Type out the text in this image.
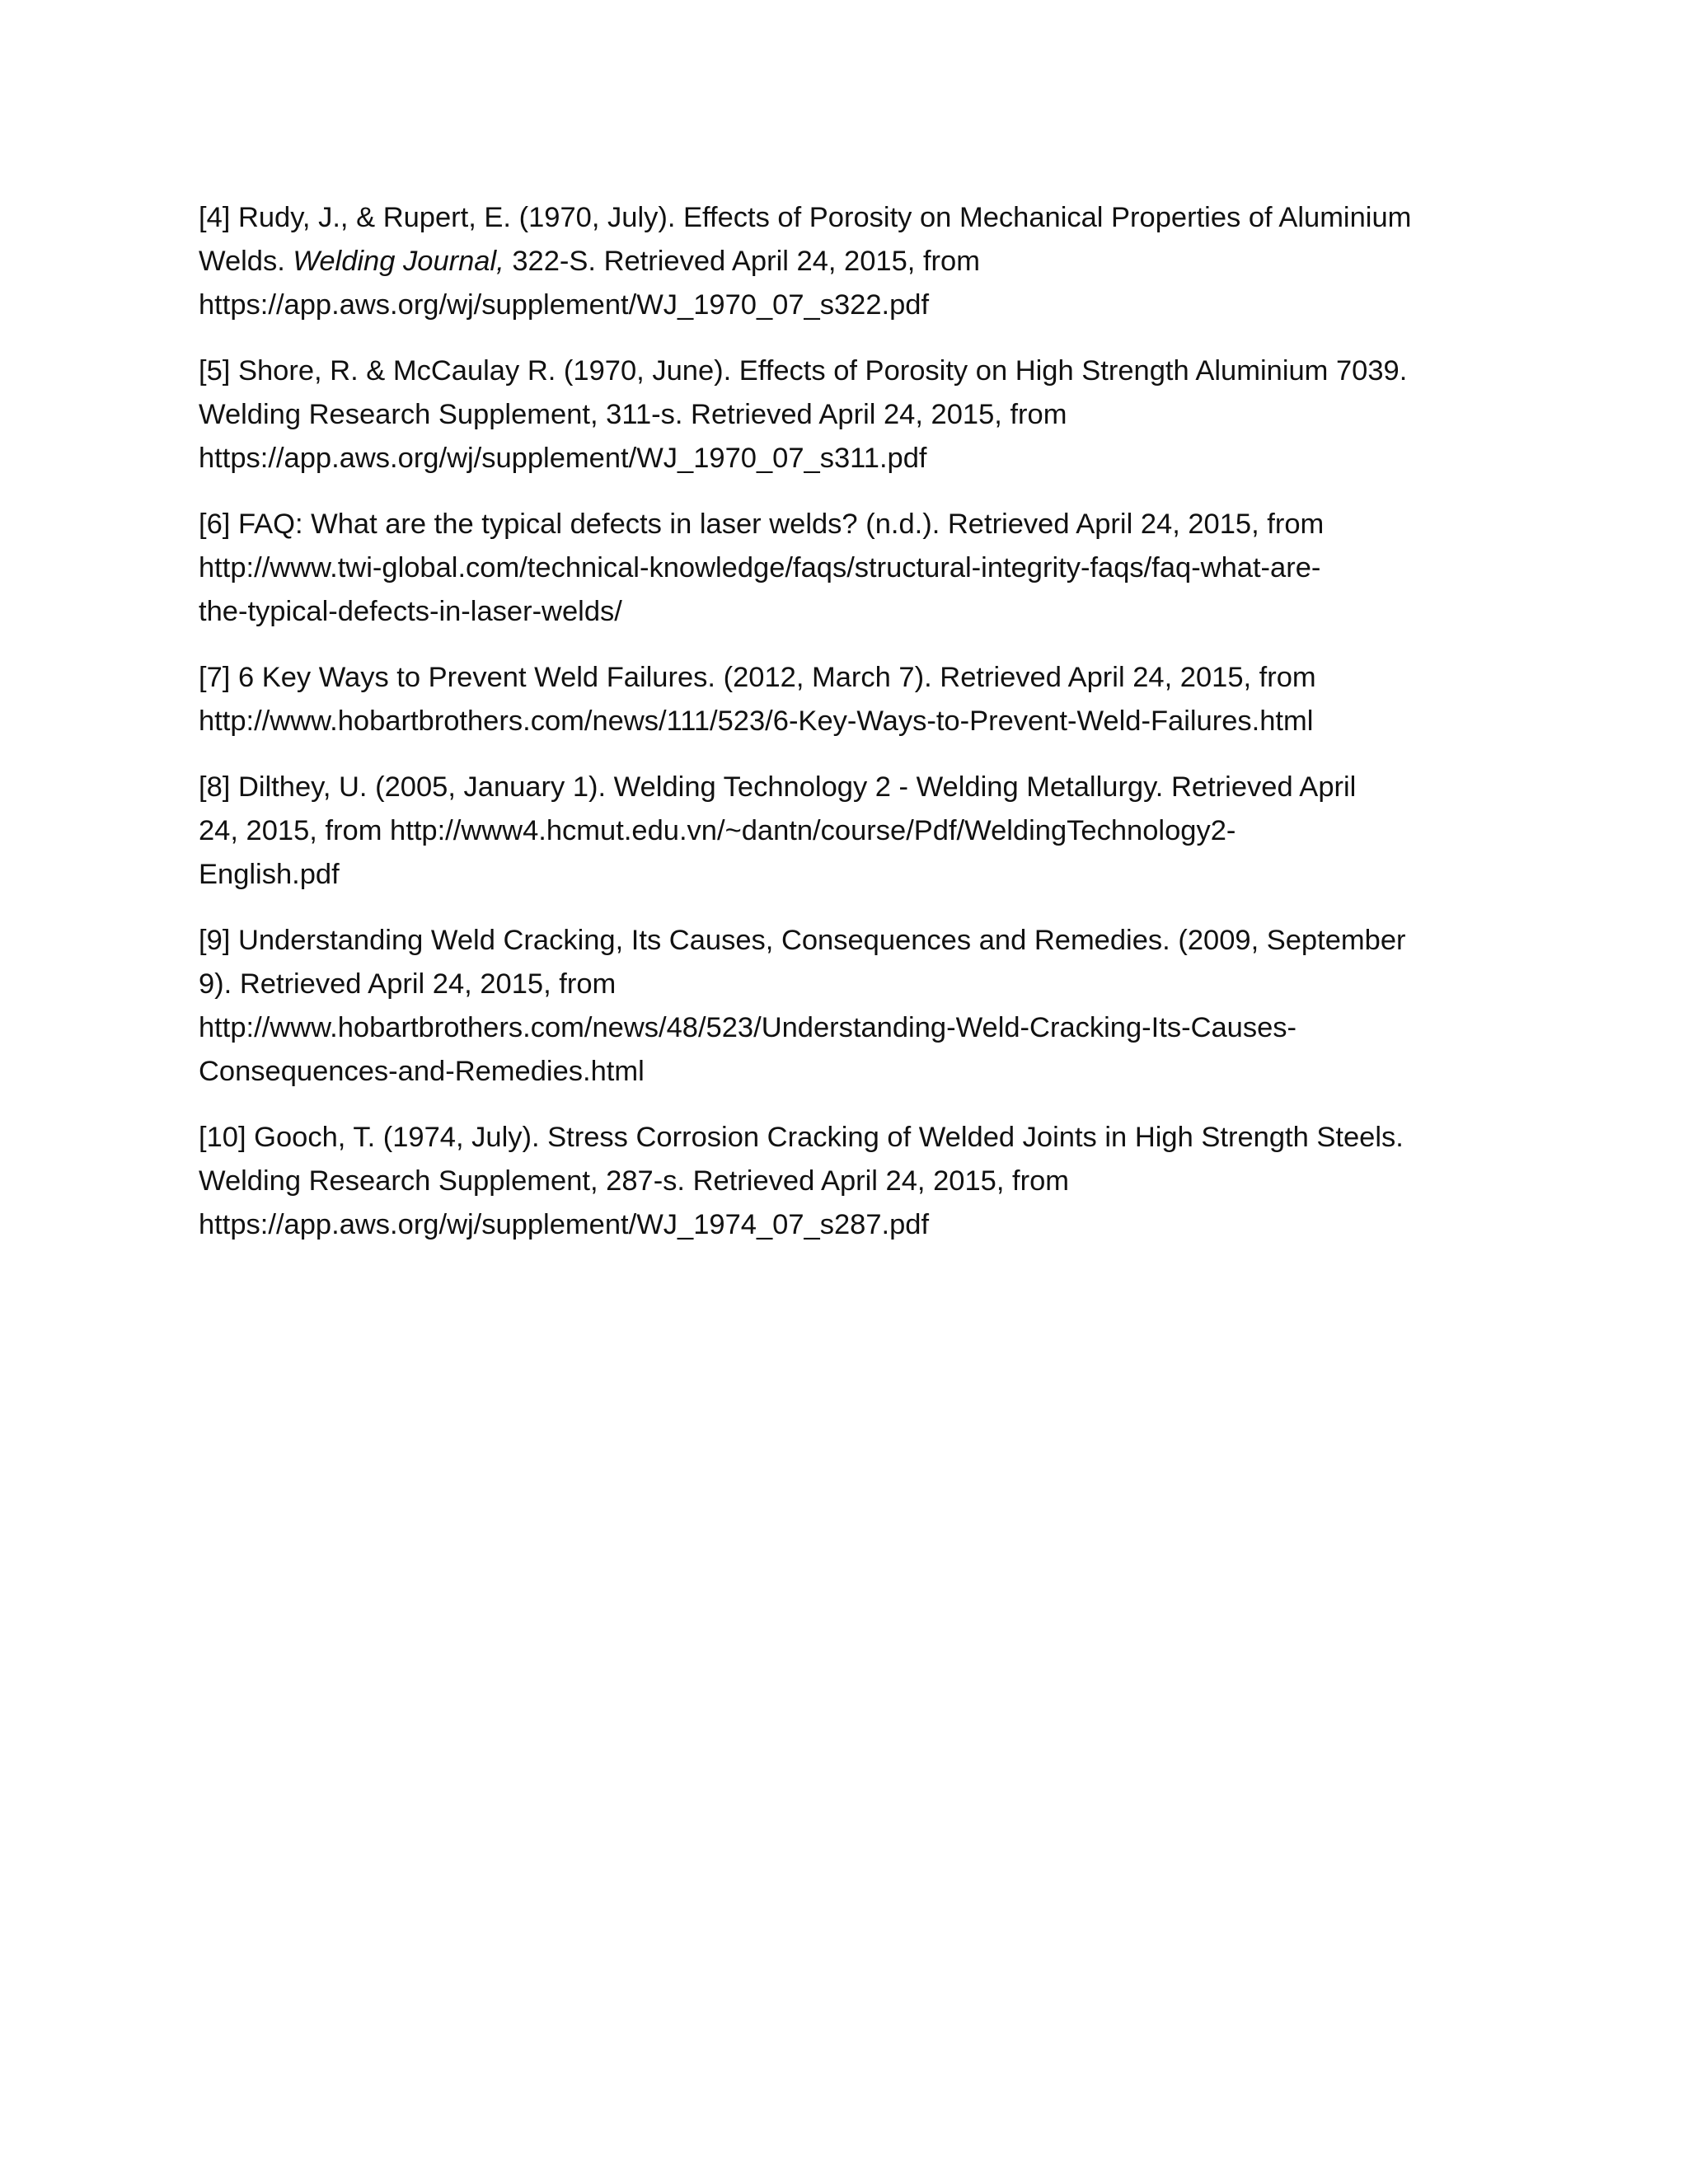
[4] Rudy, J., & Rupert, E. (1970, July). Effects of Porosity on Mechanical Properties of Aluminium
Welds. Welding Journal, 322-S. Retrieved April 24, 2015, from
https://app.aws.org/wj/supplement/WJ_1970_07_s322.pdf
[5] Shore, R. & McCaulay R. (1970, June). Effects of Porosity on High Strength Aluminium 7039.
Welding Research Supplement, 311-s. Retrieved April 24, 2015, from
https://app.aws.org/wj/supplement/WJ_1970_07_s311.pdf
[6] FAQ: What are the typical defects in laser welds? (n.d.). Retrieved April 24, 2015, from
http://www.twi-global.com/technical-knowledge/faqs/structural-integrity-faqs/faq-what-are-
the-typical-defects-in-laser-welds/
[7] 6 Key Ways to Prevent Weld Failures. (2012, March 7). Retrieved April 24, 2015, from
http://www.hobartbrothers.com/news/111/523/6-Key-Ways-to-Prevent-Weld-Failures.html
[8] Dilthey, U. (2005, January 1). Welding Technology 2 - Welding Metallurgy. Retrieved April
24, 2015, from http://www4.hcmut.edu.vn/~dantn/course/Pdf/WeldingTechnology2-
English.pdf
[9] Understanding Weld Cracking, Its Causes, Consequences and Remedies. (2009, September
9). Retrieved April 24, 2015, from
http://www.hobartbrothers.com/news/48/523/Understanding-Weld-Cracking-Its-Causes-
Consequences-and-Remedies.html
[10] Gooch, T. (1974, July). Stress Corrosion Cracking of Welded Joints in High Strength Steels.
Welding Research Supplement, 287-s. Retrieved April 24, 2015, from
https://app.aws.org/wj/supplement/WJ_1974_07_s287.pdf
